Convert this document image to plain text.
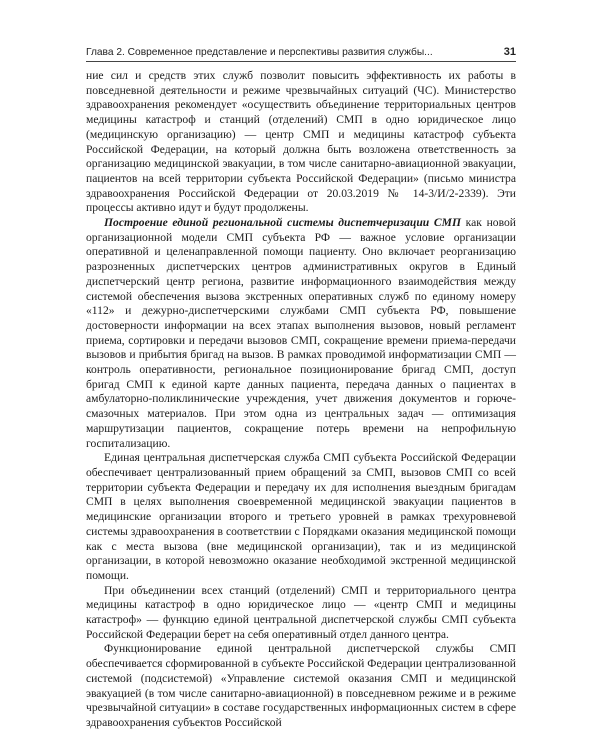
Глава 2. Современное представление и перспективы развития службы...	31

ние сил и средств этих служб позволит повысить эффективность их работы в повседневной деятельности и режиме чрезвычайных ситуаций (ЧС). Министерство здравоохранения рекомендует «осуществить объединение территориальных центров медицины катастроф и станций (отделений) СМП в одно юридическое лицо (медицинскую организацию) — центр СМП и медицины катастроф субъекта Российской Федерации, на который должна быть возложена ответственность за организацию медицинской эвакуации, в том числе санитарно-авиационной эвакуации, пациентов на всей территории субъекта Российской Федерации» (письмо министра здравоохранения Российской Федерации от 20.03.2019 № 14-3/И/2-2339). Эти процессы активно идут и будут продолжены.

Построение единой региональной системы диспетчеризации СМП как новой организационной модели СМП субъекта РФ — важное условие организации оперативной и целенаправленной помощи пациенту. Оно включает реорганизацию разрозненных диспетчерских центров административных округов в Единый диспетчерский центр региона, развитие информационного взаимодействия между системой обеспечения вызова экстренных оперативных служб по единому номеру «112» и дежурно-диспетчерскими службами СМП субъекта РФ, повышение достоверности информации на всех этапах выполнения вызовов, новый регламент приема, сортировки и передачи вызовов СМП, сокращение времени приема-передачи вызовов и прибытия бригад на вызов. В рамках проводимой информатизации СМП — контроль оперативности, региональное позиционирование бригад СМП, доступ бригад СМП к единой карте данных пациента, передача данных о пациентах в амбулаторно-поликлинические учреждения, учет движения документов и горюче-смазочных материалов. При этом одна из центральных задач — оптимизация маршрутизации пациентов, сокращение потерь времени на непрофильную госпитализацию.

Единая центральная диспетчерская служба СМП субъекта Российской Федерации обеспечивает централизованный прием обращений за СМП, вызовов СМП со всей территории субъекта Федерации и передачу их для исполнения выездным бригадам СМП в целях выполнения своевременной медицинской эвакуации пациентов в медицинские организации второго и третьего уровней в рамках трехуровневой системы здравоохранения в соответствии с Порядками оказания медицинской помощи как с места вызова (вне медицинской организации), так и из медицинской организации, в которой невозможно оказание необходимой экстренной медицинской помощи.

При объединении всех станций (отделений) СМП и территориального центра медицины катастроф в одно юридическое лицо — «центр СМП и медицины катастроф» — функцию единой центральной диспетчерской службы СМП субъекта Российской Федерации берет на себя оперативный отдел данного центра.

Функционирование единой центральной диспетчерской службы СМП обеспечивается сформированной в субъекте Российской Федерации централизованной системой (подсистемой) «Управление системой оказания СМП и медицинской эвакуацией (в том числе санитарно-авиационной) в повседневном режиме и в режиме чрезвычайной ситуации» в составе государственных информационных систем в сфере здравоохранения субъектов Российской
